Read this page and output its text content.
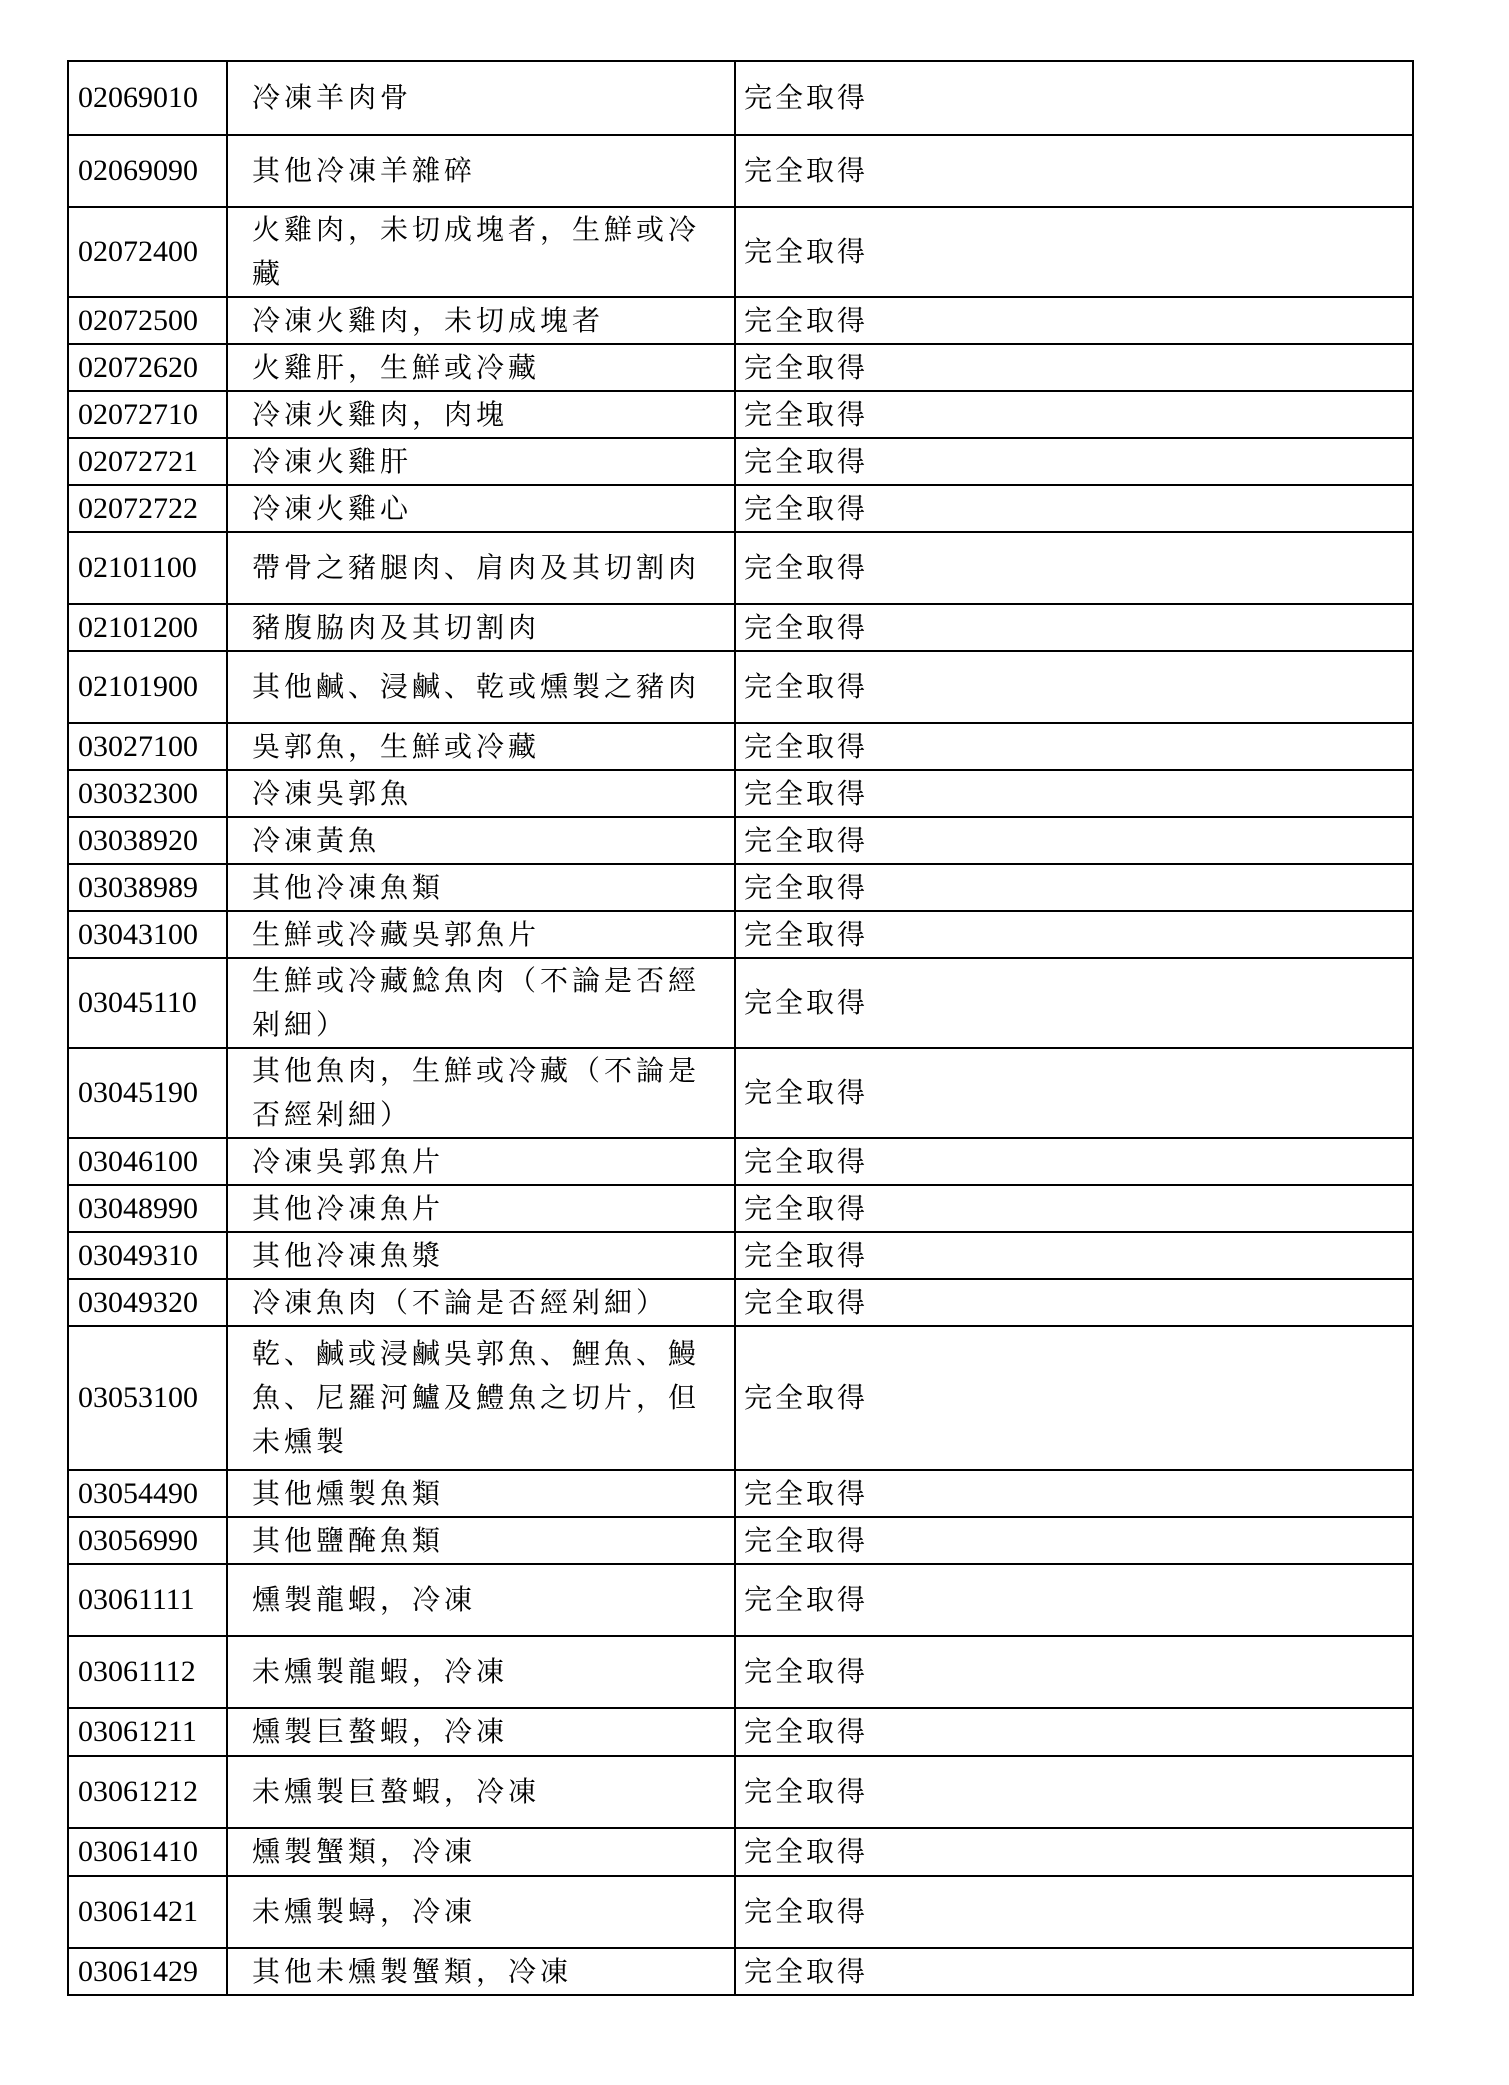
02069010	冷凍羊肉骨	完全取得
02069090	其他冷凍羊雜碎	完全取得
02072400	火雞肉，未切成塊者，生鮮或冷藏	完全取得
02072500	冷凍火雞肉，未切成塊者	完全取得
02072620	火雞肝，生鮮或冷藏	完全取得
02072710	冷凍火雞肉，肉塊	完全取得
02072721	冷凍火雞肝	完全取得
02072722	冷凍火雞心	完全取得
02101100	帶骨之豬腿肉、肩肉及其切割肉	完全取得
02101200	豬腹脇肉及其切割肉	完全取得
02101900	其他鹹、浸鹹、乾或燻製之豬肉	完全取得
03027100	吳郭魚，生鮮或冷藏	完全取得
03032300	冷凍吳郭魚	完全取得
03038920	冷凍黃魚	完全取得
03038989	其他冷凍魚類	完全取得
03043100	生鮮或冷藏吳郭魚片	完全取得
03045110	生鮮或冷藏鯰魚肉（不論是否經剁細）	完全取得
03045190	其他魚肉，生鮮或冷藏（不論是否經剁細）	完全取得
03046100	冷凍吳郭魚片	完全取得
03048990	其他冷凍魚片	完全取得
03049310	其他冷凍魚漿	完全取得
03049320	冷凍魚肉（不論是否經剁細）	完全取得
03053100	乾、鹹或浸鹹吳郭魚、鯉魚、鰻魚、尼羅河鱸及鱧魚之切片，但未燻製	完全取得
03054490	其他燻製魚類	完全取得
03056990	其他鹽醃魚類	完全取得
03061111	燻製龍蝦，冷凍	完全取得
03061112	未燻製龍蝦，冷凍	完全取得
03061211	燻製巨螯蝦，冷凍	完全取得
03061212	未燻製巨螯蝦，冷凍	完全取得
03061410	燻製蟹類，冷凍	完全取得
03061421	未燻製蟳，冷凍	完全取得
03061429	其他未燻製蟹類，冷凍	完全取得
